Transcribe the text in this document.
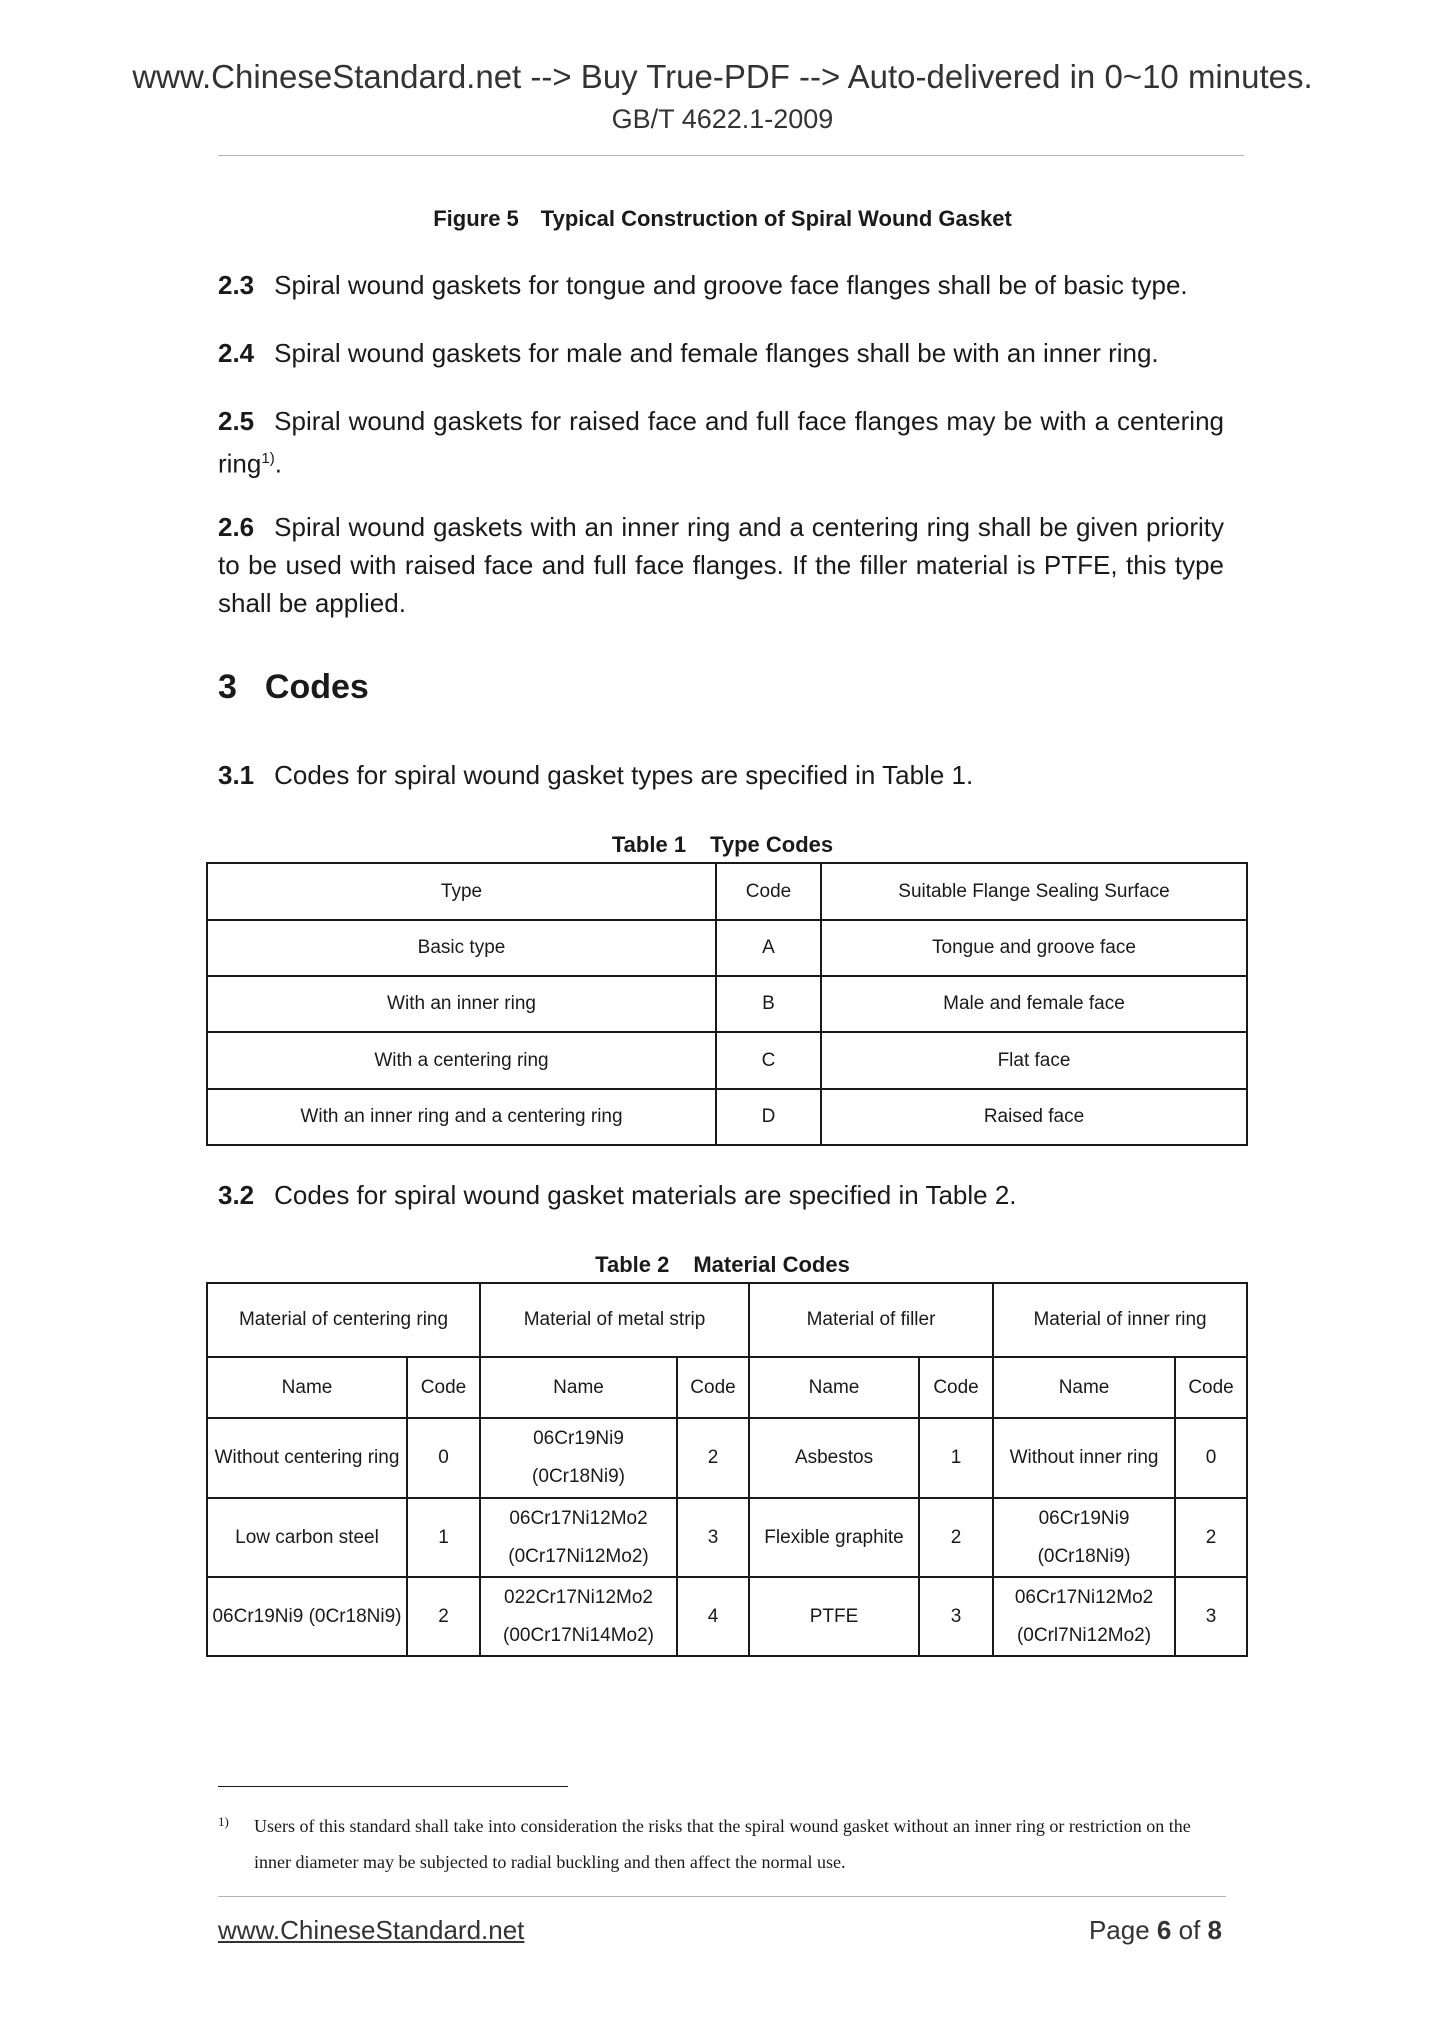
www.ChineseStandard.net --> Buy True-PDF --> Auto-delivered in 0~10 minutes.
GB/T 4622.1-2009
Figure 5 Typical Construction of Spiral Wound Gasket
2.3 Spiral wound gaskets for tongue and groove face flanges shall be of basic type.
2.4 Spiral wound gaskets for male and female flanges shall be with an inner ring.
2.5 Spiral wound gaskets for raised face and full face flanges may be with a centering ring$^{1)}$.
2.6 Spiral wound gaskets with an inner ring and a centering ring shall be given priority to be used with raised face and full face flanges. If the filler material is PTFE, this type shall be applied.
3 Codes
3.1 Codes for spiral wound gasket types are specified in Table 1.
Table 1 Type Codes
Type	Code	Suitable Flange Sealing Surface
Basic type	A	Tongue and groove face
With an inner ring	B	Male and female face
With a centering ring	C	Flat face
With an inner ring and a centering ring	D	Raised face
3.2 Codes for spiral wound gasket materials are specified in Table 2.
Table 2 Material Codes
Material of centering ring		Material of metal strip		Material of filler		Material of inner ring	
Name	Code	Name	Code	Name	Code	Name	Code
Without centering ring	0	06Cr19Ni9 (0Cr18Ni9)	2	Asbestos	1	Without inner ring	0
Low carbon steel	1	06Cr17Ni12Mo2 (0Cr17Ni12Mo2)	3	Flexible graphite	2	06Cr19Ni9 (0Cr18Ni9)	2
06Cr19Ni9 (0Cr18Ni9)	2	022Cr17Ni12Mo2 (00Cr17Ni14Mo2)	4	PTFE	3	06Cr17Ni12Mo2 (0Crl7Ni12Mo2)	3
1)	Users of this standard shall take into consideration the risks that the spiral wound gasket without an inner ring or restriction on the inner diameter may be subjected to radial buckling and then affect the normal use.
www.ChineseStandard.net	Page 6 of 8
